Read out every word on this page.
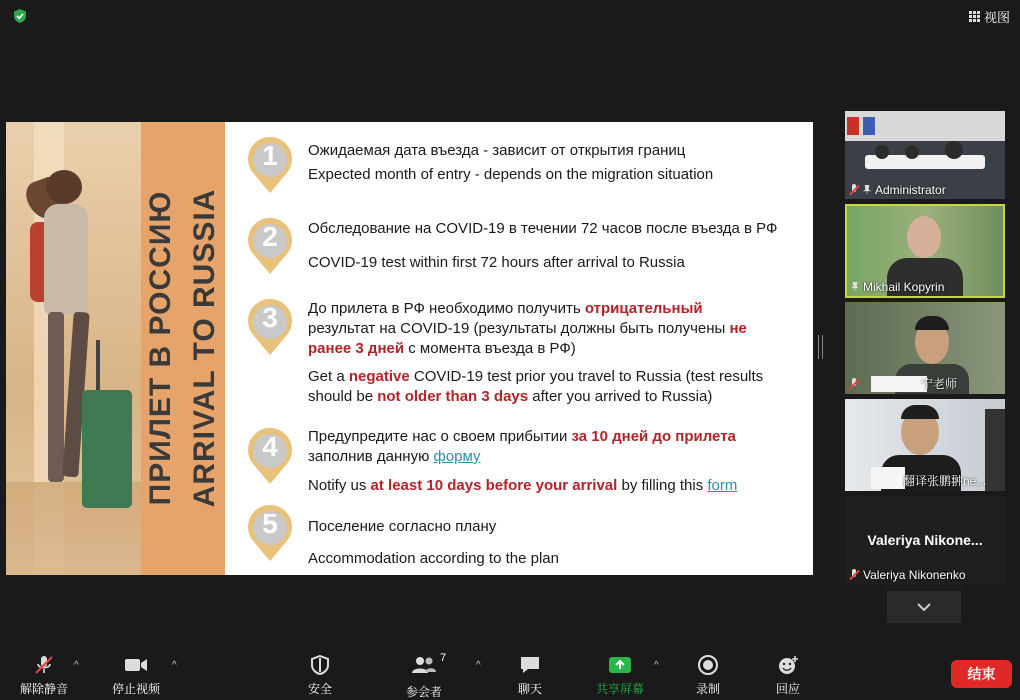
视图
ПРИЛЕТ В РОССИЮ ARRIVAL TO RUSSIA
1	Ожидаемая дата въезда - зависит от открытия границ
Expected month of entry - depends on the migration situation
2	Обследование на COVID-19 в течении 72 часов после въезда в РФ
COVID-19 test within first 72 hours after arrival to Russia
3	До прилета в РФ необходимо получить отрицательный
результат на COVID-19 (результаты должны быть получены не
ранее 3 дней с момента въезда в РФ)
Get a negative COVID-19 test prior you travel to Russia (test results
should be not older than 3 days after you arrived to Russia)
4	Предупредите нас о своем прибытии за 10 дней до прилета
заполнив данную форму
Notify us at least 10 days before your arrival by filling this form
5	Поселение согласно плану
Accommodation according to the plan
Administrator
Mikhail Kopyrin
宁老师
翻译张鹏翀ne...
Valeriya Nikone...
Valeriya Nikonenko
解除静音
^
停止视频
^
安全
7
参会者
^
聊天	共享屏幕
^
录制	回应
结束
